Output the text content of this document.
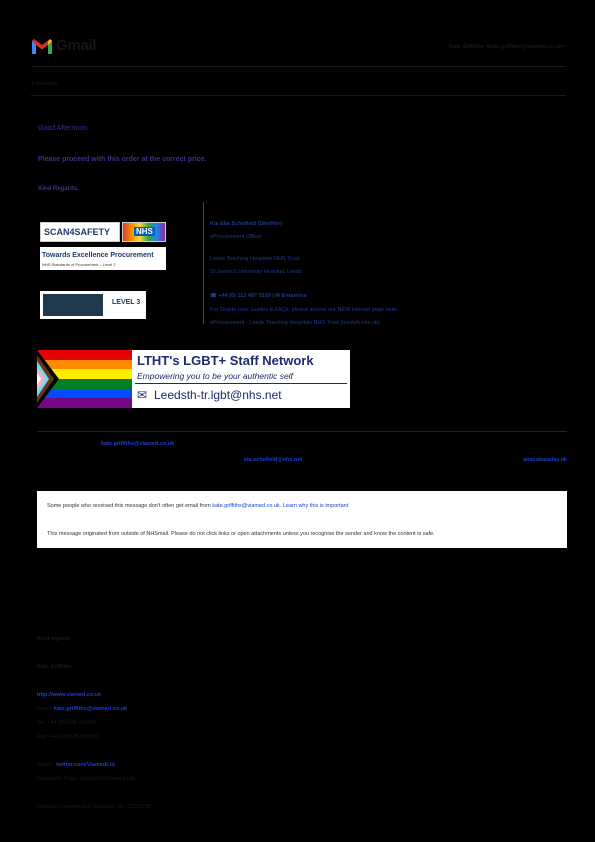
Gmail	Kate Griffiths <kate.griffiths@viamed.co.uk>
1 message
Good Afternoon,
Please proceed with this order at the correct price.
Kind Regards,
SCAN4SAFETY	NHS
Towards Excellence Procurement
NHS Standards of Procurement – Level 2
LEVEL 3
Kia Elia Schofield (She/Her)
eProcurement Officer
Leeds Teaching Hospitals NHS Trust
St James's University Hospital, Leeds
☎ +44 (0) 113 487 0169 | ✉ Enquiries
For Oracle User Guides & FAQs, please access our NEW internet page here:
eProcurement - Leeds Teaching Hospitals NHS Trust (leedsth.nhs.uk)
LTHT's LGBT+ Staff Network
Empowering you to be your authentic self
✉ Leedsth-tr.lgbt@nhs.net
kate.griffiths@viamed.co.uk
kia.schofield@nhs.net	anacoluesday.uk
Some people who received this message don't often get email from kate.griffiths@viamed.co.uk. Learn why this is important
This message originated from outside of NHSmail. Please do not click links or open attachments unless you recognise the sender and know the content is safe.
Kind regards
Kate Griffiths
http://www.viamed.co.uk
Email: kate.griffiths@viamed.co.uk
Tel: +44 (0)1535 634542
Fax: +44 (0)1535 635582
Twitter: twitter.com/ViamedLtd
Facebook: Page: Search for Viamed Ltd
Company registered in England, No. 01125735.
